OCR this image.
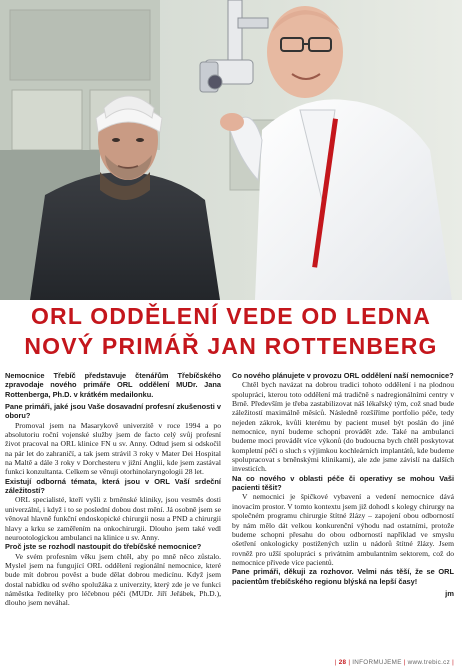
ORL ODDĚLENÍ VEDE OD LEDNA
NOVÝ PRIMÁŘ JAN ROTTENBERG

Nemocnice Třebíč představuje čtenářům Třebíčského zpravodaje nového primáře ORL oddělení MUDr. Jana Rottenberga, Ph.D. v krátkém medailonku.

Pane primáři, jaké jsou Vaše dosavadní profesní zkušenosti v oboru?

Promoval jsem na Masarykově univerzitě v roce 1994 a po absolutoriu roční vojenské služby jsem de facto celý svůj profesní život pracoval na ORL klinice FN u sv. Anny. Odtud jsem si odskočil na pár let do zahraničí, a tak jsem strávil 3 roky v Mater Dei Hospital na Maltě a dále 3 roky v Dorchesteru v jižní Anglii, kde jsem zastával funkci konzultanta. Celkem se věnuji otorhinolaryngologii 28 let.

Existují odborná témata, která jsou v ORL Vaší srdeční záležitostí?

ORL specialisté, kteří vyšli z brněnské kliniky, jsou vesměs dosti univerzální, i když i to se poslední dobou dost mění. Já osobně jsem se věnoval hlavně funkční endoskopické chirurgii nosu a PND a chirurgii hlavy a krku se zaměřením na onkochirurgii. Dlouho jsem také vedl neurootologickou ambulanci na klinice u sv. Anny.

Proč jste se rozhodl nastoupit do třebíčské nemocnice?

Ve svém profesním věku jsem chtěl, aby po mně něco zůstalo. Myslel jsem na fungující ORL oddělení regionální nemocnice, které bude mít dobrou pověst a bude dělat dobrou medicínu. Když jsem dostal nabídku od svého spolužáka z univerzity, který zde je ve funkci náměstka ředitelky pro léčebnou péči (MUDr. Jiří Jeřábek, Ph.D.), dlouho jsem neváhal.

Co nového plánujete v provozu ORL oddělení naší nemocnice?

Chtěl bych navázat na dobrou tradici tohoto oddělení i na plodnou spolupráci, kterou toto oddělení má tradičně s nadregionálními centry v Brně. Především je třeba zastabilizovat náš lékařský tým, což snad bude záležitostí maximálně měsíců. Následně rozšíříme portfolio péče, tedy nejeden zákrok, kvůli kterému by pacient musel být poslán do jiné nemocnice, nyní budeme schopni provádět zde. Také na ambulanci budeme moci provádět více výkonů (do budoucna bych chtěl poskytovat kompletní péči o sluch s výjimkou kochleárních implantátů, kde budeme spolupracovat s brněnskými klinikami), ale zde jsme závislí na dalších investicích.

Na co nového v oblasti péče či operativy se mohou Vaši pacienti těšit?

V nemocnici je špičkové vybavení a vedení nemocnice dává inovacím prostor. V tomto kontextu jsem již dohodl s kolegy chirurgy na společném programu chirurgie štítné žlázy – zapojení obou odborností by nám mělo dát velkou konkurenční výhodu nad ostatními, protože budeme schopni přesahu do obou odborností například ve smyslu ošetření onkologicky postižených uzlin u nádorů štítné žlázy. Jsem rovněž pro užší spolupráci s privátním ambulantním sektorem, což do nemocnice přivede více pacientů.

Pane primáři, děkuji za rozhovor. Velmi nás těší, že se ORL pacientům třebíčského regionu blýská na lepší časy!

jm

| 28 | INFORMUJEME | www.trebic.cz |
